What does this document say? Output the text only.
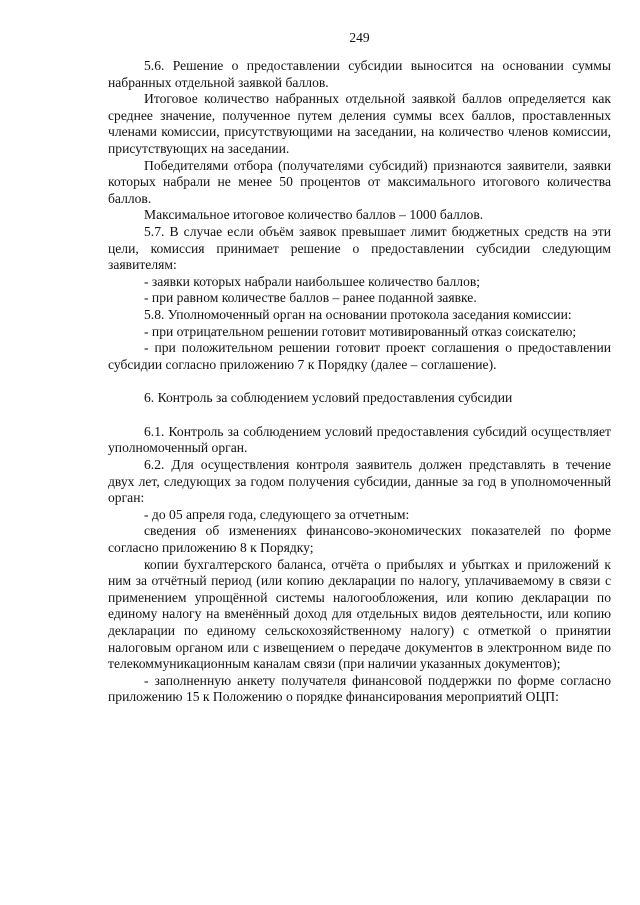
249

5.6. Решение о предоставлении субсидии выносится на основании суммы набранных отдельной заявкой баллов.

Итоговое количество набранных отдельной заявкой баллов определяется как среднее значение, полученное путем деления суммы всех баллов, проставленных членами комиссии, присутствующими на заседании, на количество членов комиссии, присутствующих на заседании.

Победителями отбора (получателями субсидий) признаются заявители, заявки которых набрали не менее 50 процентов от максимального итогового количества баллов.

Максимальное итоговое количество баллов – 1000 баллов.

5.7. В случае если объём заявок превышает лимит бюджетных средств на эти цели, комиссия принимает решение о предоставлении субсидии следующим заявителям:

- заявки которых набрали наибольшее количество баллов;

- при равном количестве баллов – ранее поданной заявке.

5.8. Уполномоченный орган на основании протокола заседания комиссии:

- при отрицательном решении готовит мотивированный отказ соискателю;

- при положительном решении готовит проект соглашения о предоставлении субсидии согласно приложению 7 к Порядку (далее – соглашение).

6. Контроль за соблюдением условий предоставления субсидии

6.1. Контроль за соблюдением условий предоставления субсидий осуществляет уполномоченный орган.

6.2. Для осуществления контроля заявитель должен представлять в течение двух лет, следующих за годом получения субсидии, данные за год в уполномоченный орган:

- до 05 апреля года, следующего за отчетным:

сведения об изменениях финансово-экономических показателей по форме согласно приложению 8 к Порядку;

копии бухгалтерского баланса, отчёта о прибылях и убытках и приложений к ним за отчётный период (или копию декларации по налогу, уплачиваемому в связи с применением упрощённой системы налогообложения, или копию декларации по единому налогу на вменённый доход для отдельных видов деятельности, или копию декларации по единому сельскохозяйственному налогу) с отметкой о принятии налоговым органом или с извещением о передаче документов в электронном виде по телекоммуникационным каналам связи (при наличии указанных документов);

- заполненную анкету получателя финансовой поддержки по форме согласно приложению 15 к Положению о порядке финансирования мероприятий ОЦП:
